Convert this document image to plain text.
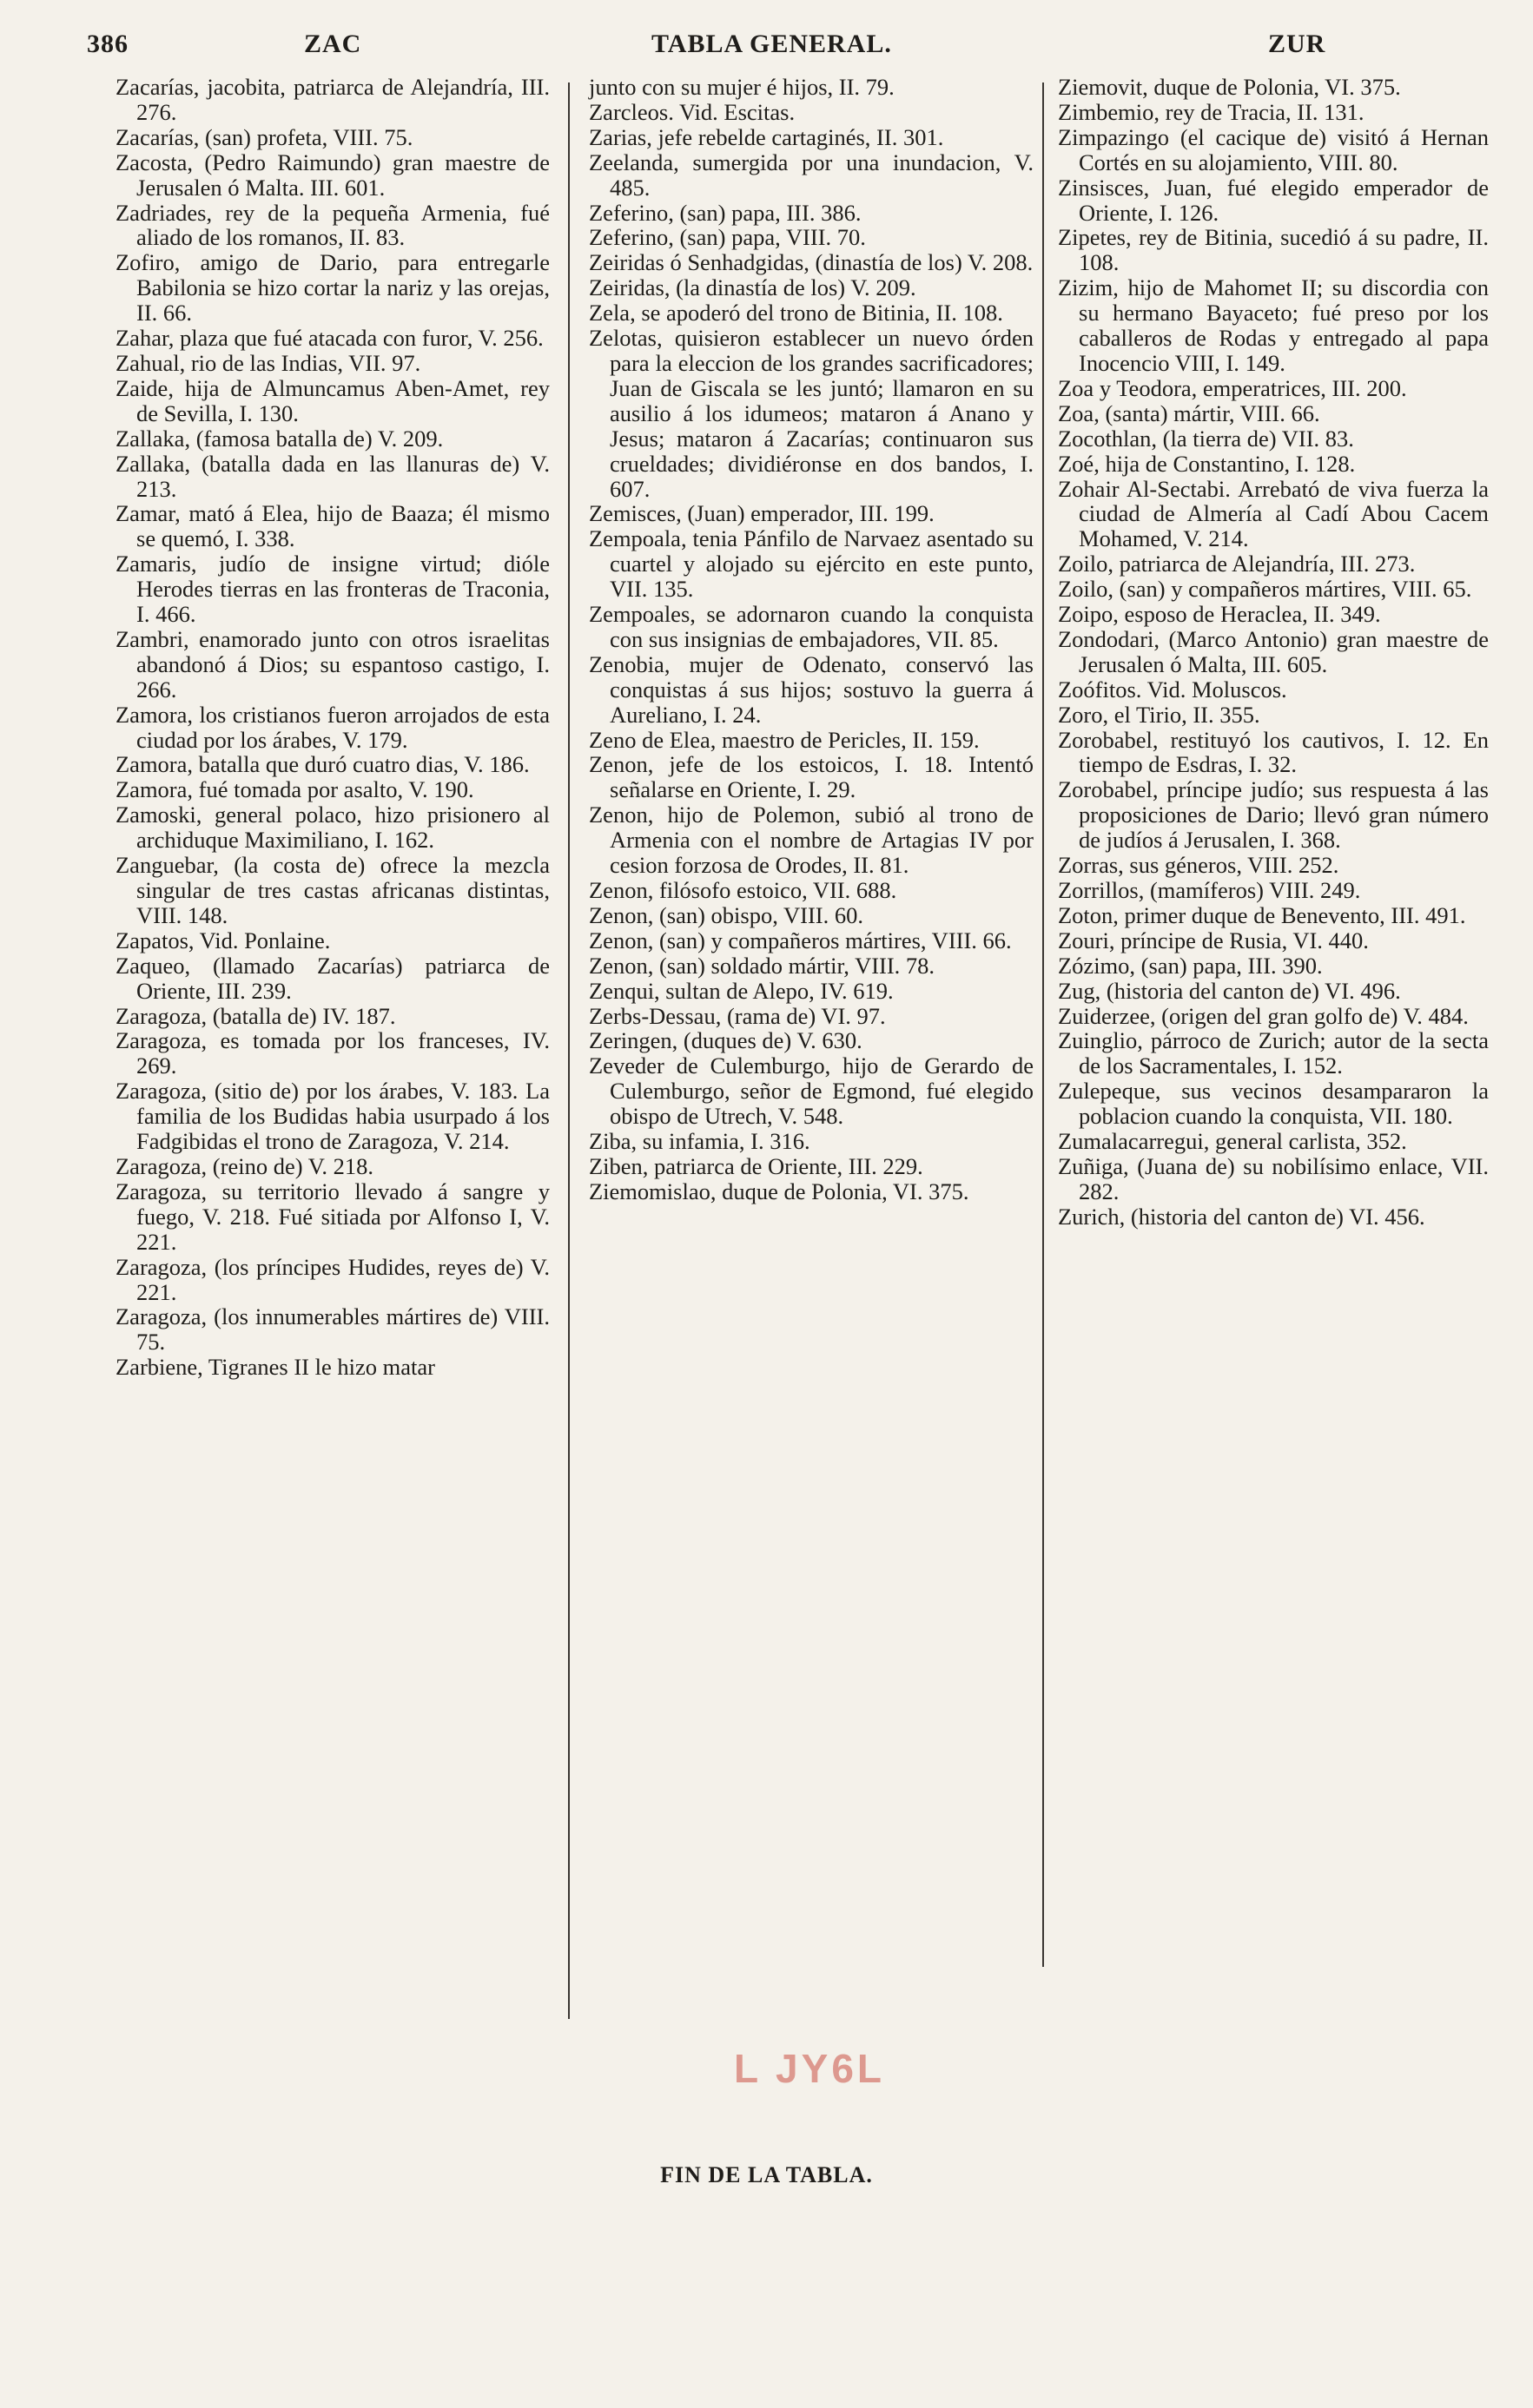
386	ZAC	TABLA GENERAL.	ZUR

Zacarías, jacobita, patriarca de Alejandría, III. 276.

Zacarías, (san) profeta, VIII. 75.

Zacosta, (Pedro Raimundo) gran maestre de Jerusalen ó Malta. III. 601.

Zadriades, rey de la pequeña Armenia, fué aliado de los romanos, II. 83.

Zofiro, amigo de Dario, para entregarle Babilonia se hizo cortar la nariz y las orejas, II. 66.

Zahar, plaza que fué atacada con furor, V. 256.

Zahual, rio de las Indias, VII. 97.

Zaide, hija de Almuncamus Aben-Amet, rey de Sevilla, I. 130.

Zallaka, (famosa batalla de) V. 209.

Zallaka, (batalla dada en las llanuras de) V. 213.

Zamar, mató á Elea, hijo de Baaza; él mismo se quemó, I. 338.

Zamaris, judío de insigne virtud; dióle Herodes tierras en las fronteras de Traconia, I. 466.

Zambri, enamorado junto con otros israelitas abandonó á Dios; su espantoso castigo, I. 266.

Zamora, los cristianos fueron arrojados de esta ciudad por los árabes, V. 179.

Zamora, batalla que duró cuatro dias, V. 186.

Zamora, fué tomada por asalto, V. 190.

Zamoski, general polaco, hizo prisionero al archiduque Maximiliano, I. 162.

Zanguebar, (la costa de) ofrece la mezcla singular de tres castas africanas distintas, VIII. 148.

Zapatos, Vid. Ponlaine.

Zaqueo, (llamado Zacarías) patriarca de Oriente, III. 239.

Zaragoza, (batalla de) IV. 187.

Zaragoza, es tomada por los franceses, IV. 269.

Zaragoza, (sitio de) por los árabes, V. 183. La familia de los Budidas habia usurpado á los Fadgibidas el trono de Zaragoza, V. 214.

Zaragoza, (reino de) V. 218.

Zaragoza, su territorio llevado á sangre y fuego, V. 218. Fué sitiada por Alfonso I, V. 221.

Zaragoza, (los príncipes Hudides, reyes de) V. 221.

Zaragoza, (los innumerables mártires de) VIII. 75.

Zarbiene, Tigranes II le hizo matar

junto con su mujer é hijos, II. 79.

Zarcleos. Vid. Escitas.

Zarias, jefe rebelde cartaginés, II. 301.

Zeelanda, sumergida por una inundacion, V. 485.

Zeferino, (san) papa, III. 386.

Zeferino, (san) papa, VIII. 70.

Zeiridas ó Senhadgidas, (dinastía de los) V. 208.

Zeiridas, (la dinastía de los) V. 209.

Zela, se apoderó del trono de Bitinia, II. 108.

Zelotas, quisieron establecer un nuevo órden para la eleccion de los grandes sacrificadores; Juan de Giscala se les juntó; llamaron en su ausilio á los idumeos; mataron á Anano y Jesus; mataron á Zacarías; continuaron sus crueldades; dividiéronse en dos bandos, I. 607.

Zemisces, (Juan) emperador, III. 199.

Zempoala, tenia Pánfilo de Narvaez asentado su cuartel y alojado su ejército en este punto, VII. 135.

Zempoales, se adornaron cuando la conquista con sus insignias de embajadores, VII. 85.

Zenobia, mujer de Odenato, conservó las conquistas á sus hijos; sostuvo la guerra á Aureliano, I. 24.

Zeno de Elea, maestro de Pericles, II. 159.

Zenon, jefe de los estoicos, I. 18. Intentó señalarse en Oriente, I. 29.

Zenon, hijo de Polemon, subió al trono de Armenia con el nombre de Artagias IV por cesion forzosa de Orodes, II. 81.

Zenon, filósofo estoico, VII. 688.

Zenon, (san) obispo, VIII. 60.

Zenon, (san) y compañeros mártires, VIII. 66.

Zenon, (san) soldado mártir, VIII. 78.

Zenqui, sultan de Alepo, IV. 619.

Zerbs-Dessau, (rama de) VI. 97.

Zeringen, (duques de) V. 630.

Zeveder de Culemburgo, hijo de Gerardo de Culemburgo, señor de Egmond, fué elegido obispo de Utrech, V. 548.

Ziba, su infamia, I. 316.

Ziben, patriarca de Oriente, III. 229.

Ziemomislao, duque de Polonia, VI. 375.

Ziemovit, duque de Polonia, VI. 375.

Zimbemio, rey de Tracia, II. 131.

Zimpazingo (el cacique de) visitó á Hernan Cortés en su alojamiento, VIII. 80.

Zinsisces, Juan, fué elegido emperador de Oriente, I. 126.

Zipetes, rey de Bitinia, sucedió á su padre, II. 108.

Zizim, hijo de Mahomet II; su discordia con su hermano Bayaceto; fué preso por los caballeros de Rodas y entregado al papa Inocencio VIII, I. 149.

Zoa y Teodora, emperatrices, III. 200.

Zoa, (santa) mártir, VIII. 66.

Zocothlan, (la tierra de) VII. 83.

Zoé, hija de Constantino, I. 128.

Zohair Al-Sectabi. Arrebató de viva fuerza la ciudad de Almería al Cadí Abou Cacem Mohamed, V. 214.

Zoilo, patriarca de Alejandría, III. 273.

Zoilo, (san) y compañeros mártires, VIII. 65.

Zoipo, esposo de Heraclea, II. 349.

Zondodari, (Marco Antonio) gran maestre de Jerusalen ó Malta, III. 605.

Zoófitos. Vid. Moluscos.

Zoro, el Tirio, II. 355.

Zorobabel, restituyó los cautivos, I. 12. En tiempo de Esdras, I. 32.

Zorobabel, príncipe judío; sus respuesta á las proposiciones de Dario; llevó gran número de judíos á Jerusalen, I. 368.

Zorras, sus géneros, VIII. 252.

Zorrillos, (mamíferos) VIII. 249.

Zoton, primer duque de Benevento, III. 491.

Zouri, príncipe de Rusia, VI. 440.

Zózimo, (san) papa, III. 390.

Zug, (historia del canton de) VI. 496.

Zuiderzee, (origen del gran golfo de) V. 484.

Zuinglio, párroco de Zurich; autor de la secta de los Sacramentales, I. 152.

Zulepeque, sus vecinos desampararon la poblacion cuando la conquista, VII. 180.

Zumalacarregui, general carlista, 352.

Zuñiga, (Juana de) su nobilísimo enlace, VII. 282.

Zurich, (historia del canton de) VI. 456.

L JY6L
FIN DE LA TABLA.
